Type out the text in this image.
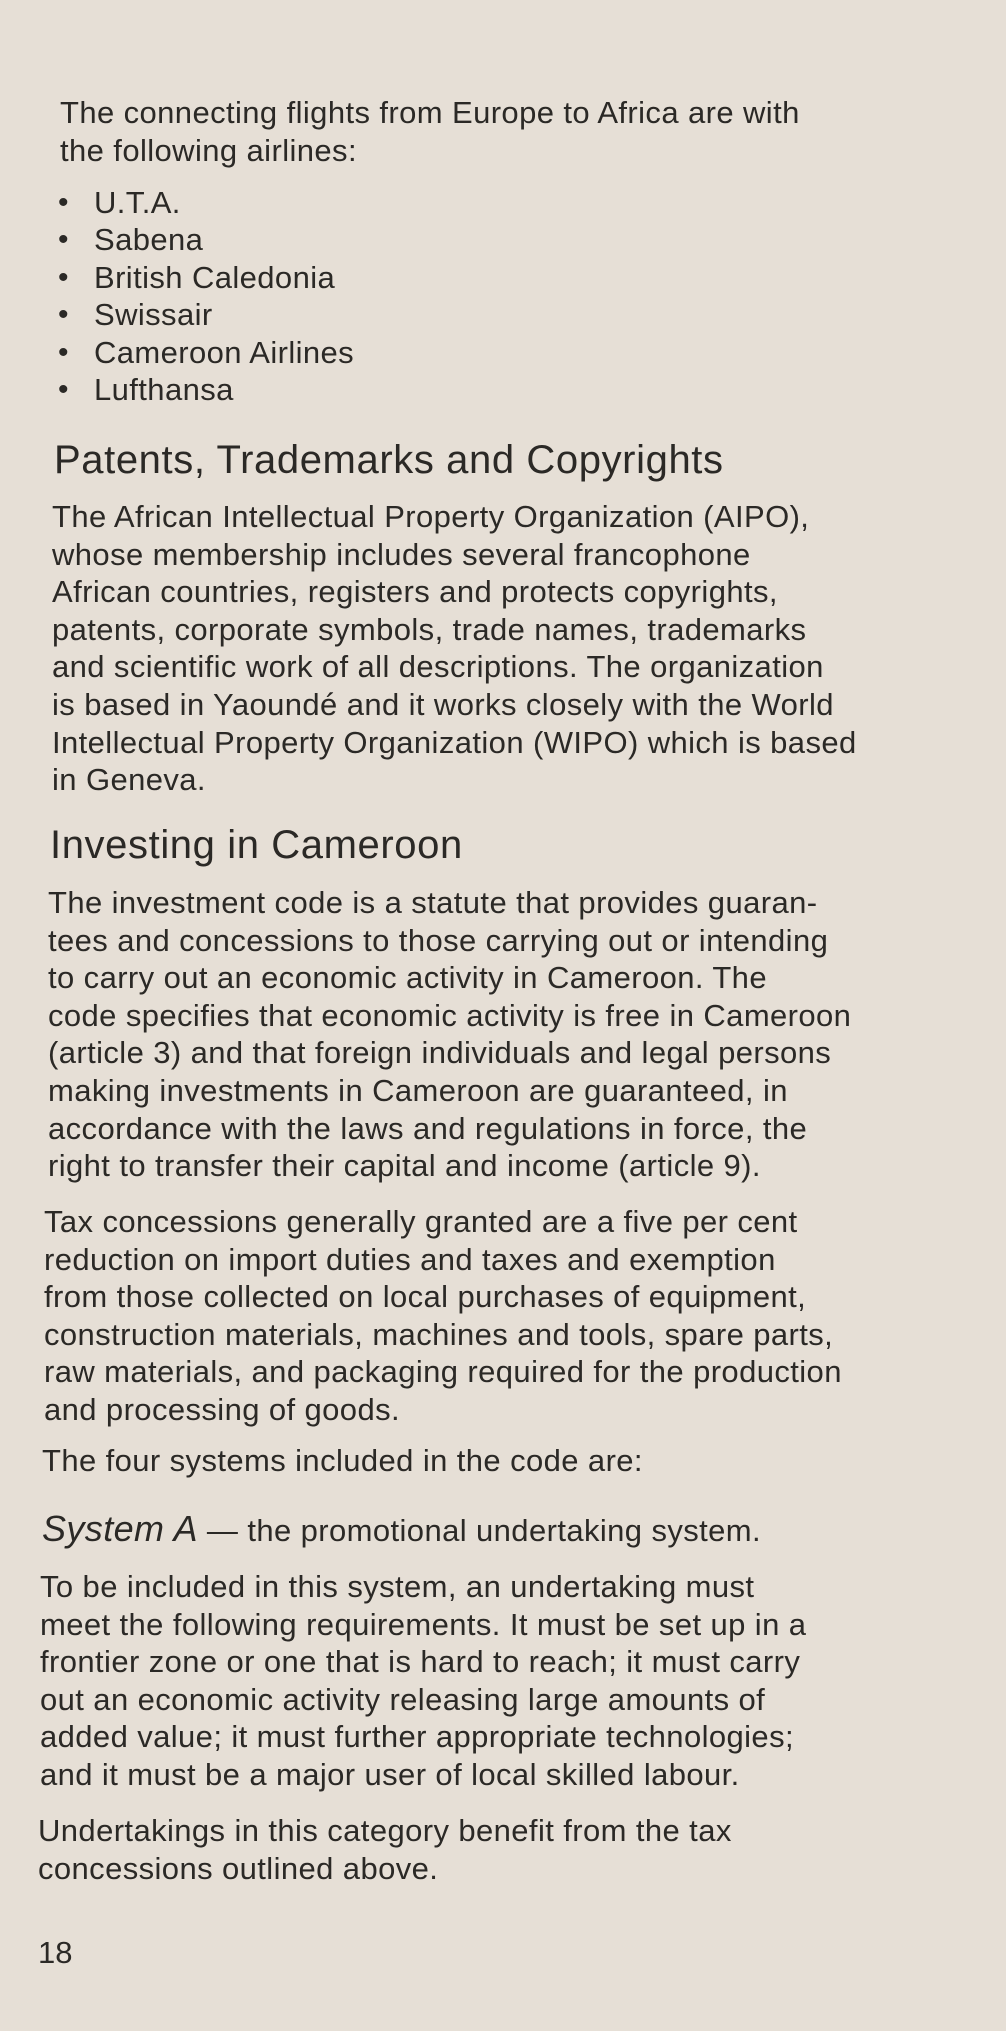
The connecting flights from Europe to Africa are with
the following airlines:

• U.T.A.
• Sabena
• British Caledonia
• Swissair
• Cameroon Airlines
• Lufthansa
Patents, Trademarks and Copyrights

The African Intellectual Property Organization (AIPO),
whose membership includes several francophone
African countries, registers and protects copyrights,
patents, corporate symbols, trade names, trademarks
and scientific work of all descriptions. The organization
is based in Yaoundé and it works closely with the World
Intellectual Property Organization (WIPO) which is based
in Geneva.

Investing in Cameroon

The investment code is a statute that provides guaran-
tees and concessions to those carrying out or intending
to carry out an economic activity in Cameroon. The
code specifies that economic activity is free in Cameroon
(article 3) and that foreign individuals and legal persons
making investments in Cameroon are guaranteed, in
accordance with the laws and regulations in force, the
right to transfer their capital and income (article 9).

Tax concessions generally granted are a five per cent
reduction on import duties and taxes and exemption
from those collected on local purchases of equipment,
construction materials, machines and tools, spare parts,
raw materials, and packaging required for the production
and processing of goods.

The four systems included in the code are:

System A — the promotional undertaking system.

To be included in this system, an undertaking must
meet the following requirements. It must be set up in a
frontier zone or one that is hard to reach; it must carry
out an economic activity releasing large amounts of
added value; it must further appropriate technologies;
and it must be a major user of local skilled labour.

Undertakings in this category benefit from the tax
concessions outlined above.

18
